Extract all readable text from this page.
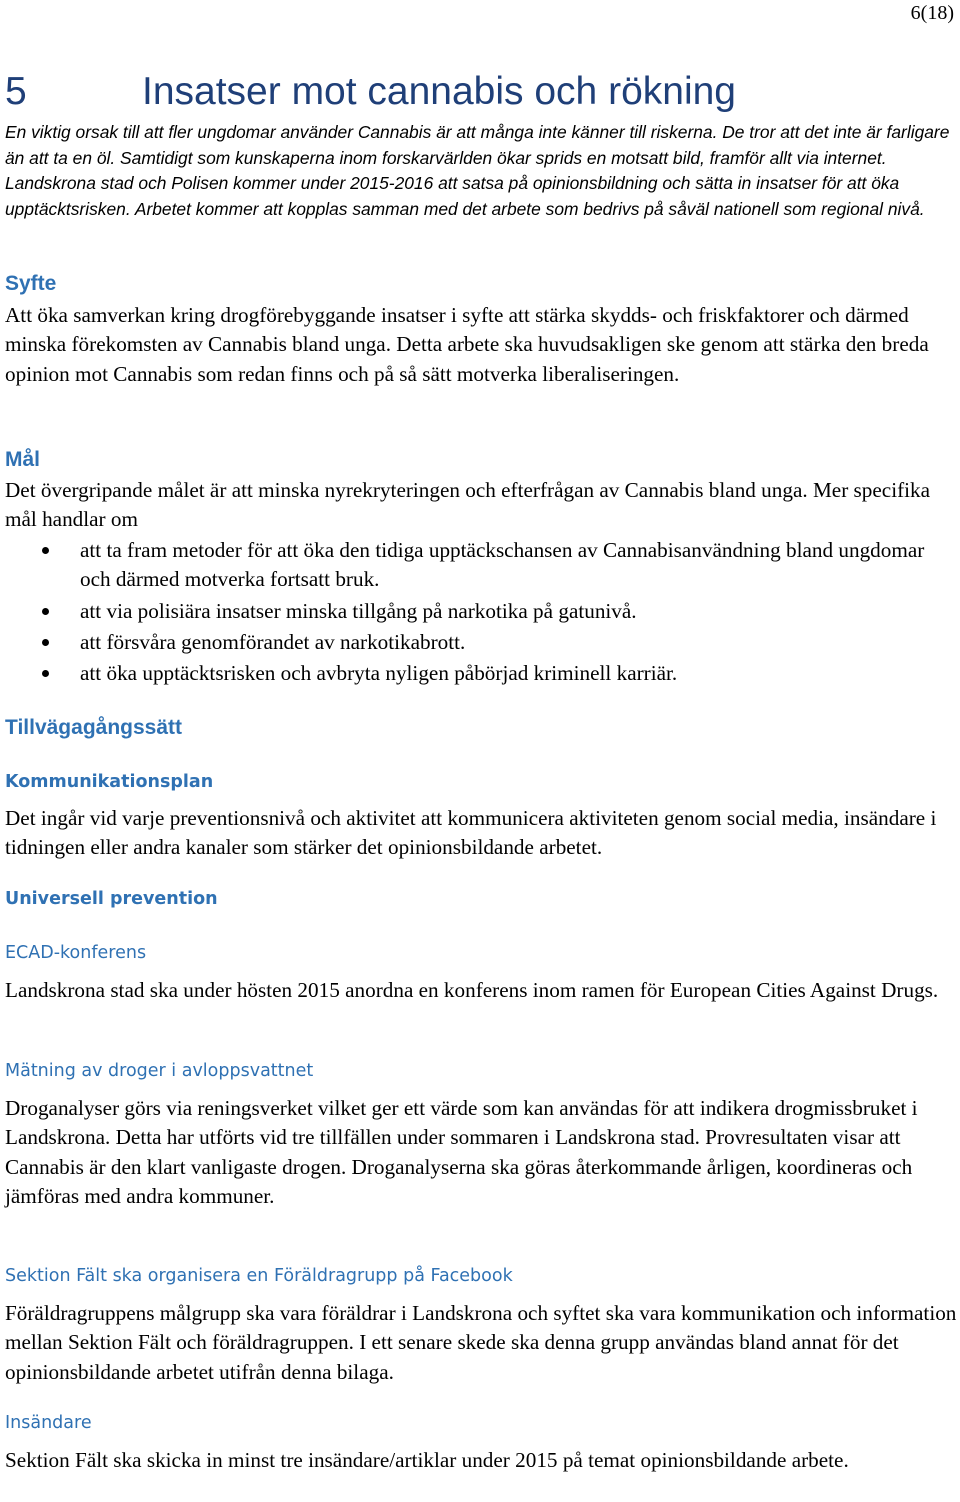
6(18)
5	Insatser mot cannabis och rökning
En viktig orsak till att fler ungdomar använder Cannabis är att många inte känner till riskerna. De tror att det inte är farligare än att ta en öl. Samtidigt som kunskaperna inom forskarvärlden ökar sprids en motsatt bild, framför allt via internet. Landskrona stad och Polisen kommer under 2015-2016 att satsa på opinionsbildning och sätta in insatser för att öka upptäcktsrisken. Arbetet kommer att kopplas samman med det arbete som bedrivs på såväl nationell som regional nivå.
Syfte
Att öka samverkan kring drogförebyggande insatser i syfte att stärka skydds- och friskfaktorer och därmed minska förekomsten av Cannabis bland unga. Detta arbete ska huvudsakligen ske genom att stärka den breda opinion mot Cannabis som redan finns och på så sätt motverka liberaliseringen.
Mål
Det övergripande målet är att minska nyrekryteringen och efterfrågan av Cannabis bland unga. Mer specifika mål handlar om
att ta fram metoder för att öka den tidiga upptäckschansen av Cannabisanvändning bland ungdomar och därmed motverka fortsatt bruk.
att via polisiära insatser minska tillgång på narkotika på gatunivå.
att försvåra genomförandet av narkotikabrott.
att öka upptäcktsrisken och avbryta nyligen påbörjad kriminell karriär.
Tillvägagångssätt
Kommunikationsplan
Det ingår vid varje preventionsnivå och aktivitet att kommunicera aktiviteten genom social media, insändare i tidningen eller andra kanaler som stärker det opinionsbildande arbetet.
Universell prevention
ECAD-konferens
Landskrona stad ska under hösten 2015 anordna en konferens inom ramen för European Cities Against Drugs.
Mätning av droger i avloppsvattnet
Droganalyser görs via reningsverket vilket ger ett värde som kan användas för att indikera drogmissbruket i Landskrona. Detta har utförts vid tre tillfällen under sommaren i Landskrona stad. Provresultaten visar att Cannabis är den klart vanligaste drogen. Droganalyserna ska göras återkommande årligen, koordineras och jämföras med andra kommuner.
Sektion Fält ska organisera en Föräldragrupp på Facebook
Föräldragruppens målgrupp ska vara föräldrar i Landskrona och syftet ska vara kommunikation och information mellan Sektion Fält och föräldragruppen. I ett senare skede ska denna grupp användas bland annat för det opinionsbildande arbetet utifrån denna bilaga.
Insändare
Sektion Fält ska skicka in minst tre insändare/artiklar under 2015 på temat opinionsbildande arbete.
